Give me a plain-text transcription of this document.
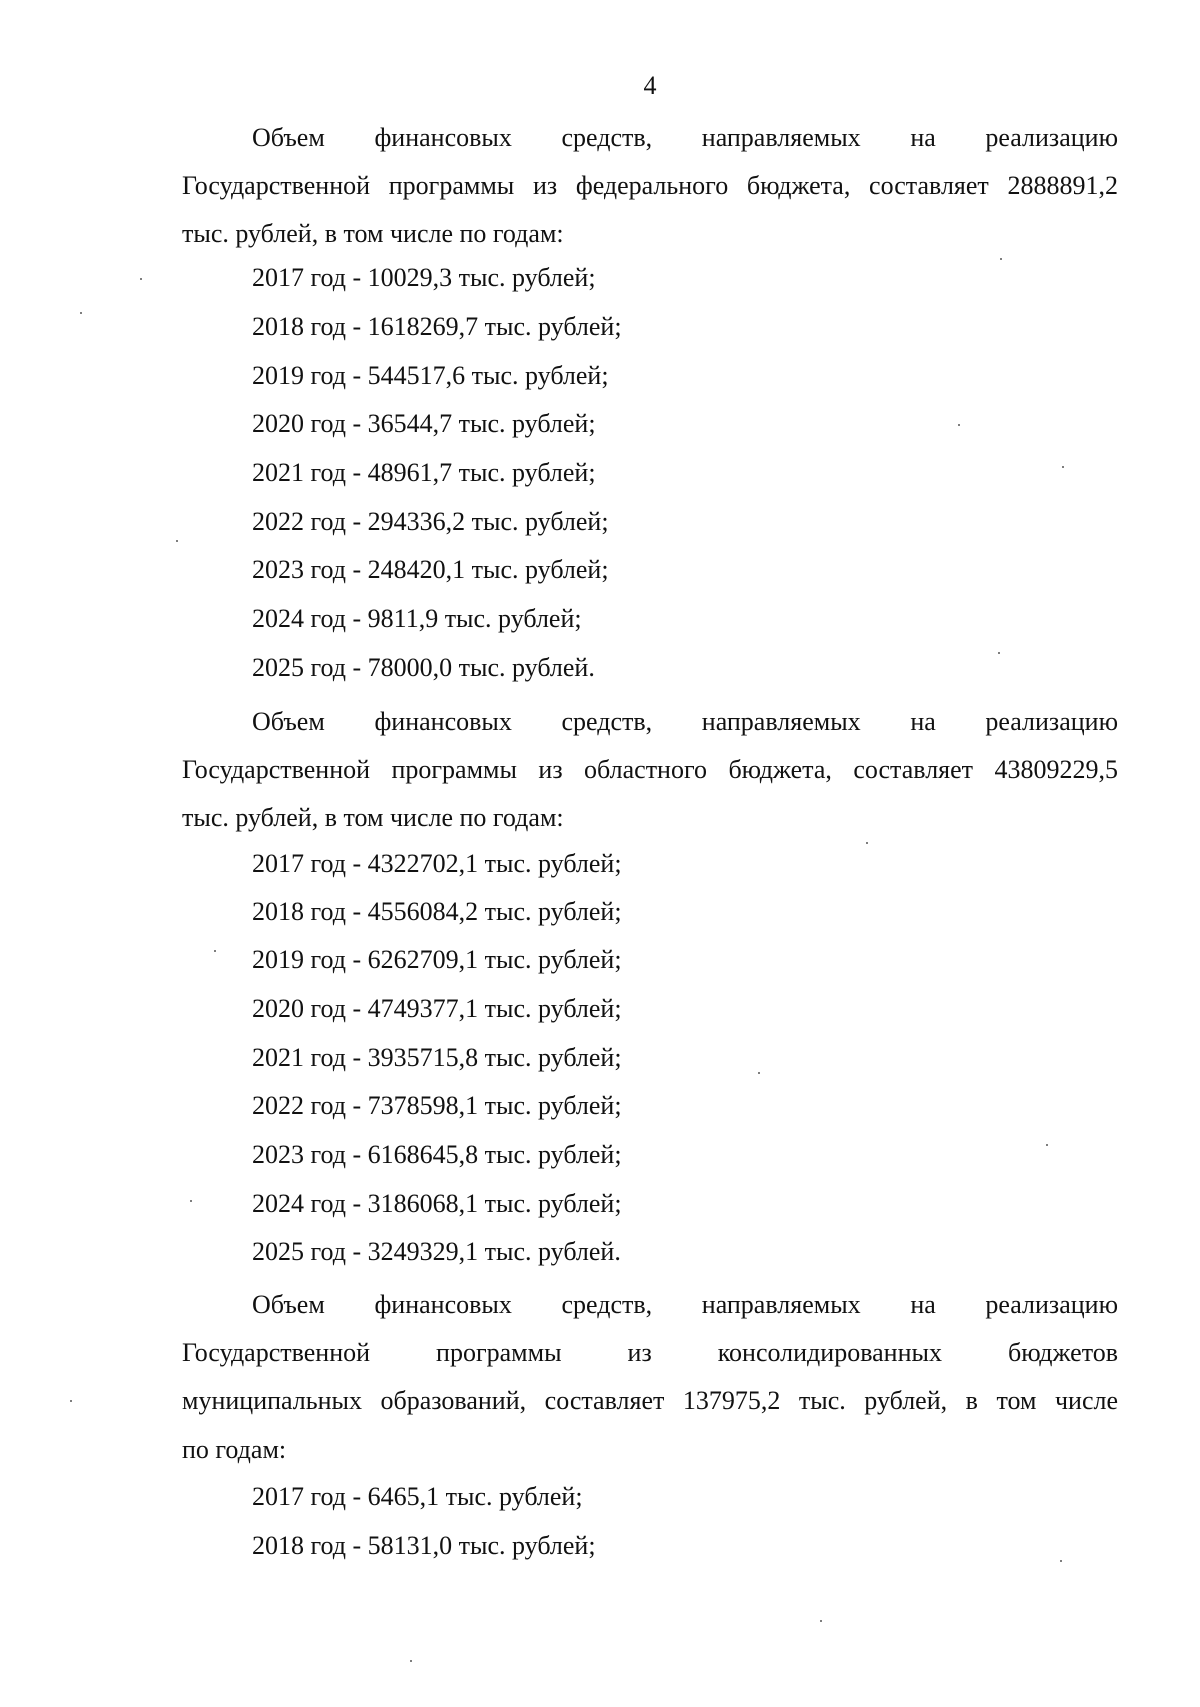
4
Объем финансовых средств, направляемых на реализацию
Государственной программы из федерального бюджета, составляет 2888891,2
тыс. рублей, в том числе по годам:
2017 год - 10029,3 тыс. рублей;
2018 год - 1618269,7 тыс. рублей;
2019 год - 544517,6 тыс. рублей;
2020 год - 36544,7 тыс. рублей;
2021 год - 48961,7 тыс. рублей;
2022 год - 294336,2 тыс. рублей;
2023 год - 248420,1 тыс. рублей;
2024 год - 9811,9 тыс. рублей;
2025 год - 78000,0 тыс. рублей.
Объем финансовых средств, направляемых на реализацию
Государственной программы из областного бюджета, составляет 43809229,5
тыс. рублей, в том числе по годам:
2017 год - 4322702,1 тыс. рублей;
2018 год - 4556084,2 тыс. рублей;
2019 год - 6262709,1 тыс. рублей;
2020 год - 4749377,1 тыс. рублей;
2021 год - 3935715,8 тыс. рублей;
2022 год - 7378598,1 тыс. рублей;
2023 год - 6168645,8 тыс. рублей;
2024 год - 3186068,1 тыс. рублей;
2025 год - 3249329,1 тыс. рублей.
Объем финансовых средств, направляемых на реализацию
Государственной программы из консолидированных бюджетов
муниципальных образований, составляет 137975,2 тыс. рублей, в том числе
по годам:
2017 год - 6465,1 тыс. рублей;
2018 год - 58131,0 тыс. рублей;
